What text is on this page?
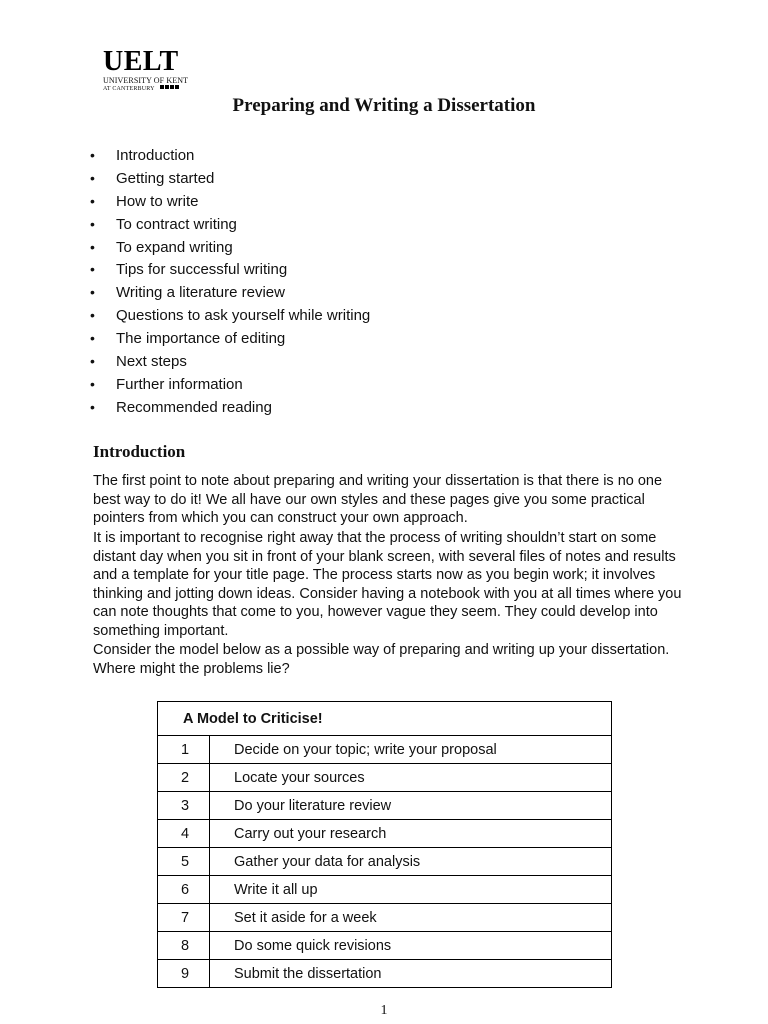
UELT
UNIVERSITY OF KENT
AT CANTERBURY
Preparing and Writing a Dissertation
• Introduction
• Getting started
• How to write
• To contract writing
• To expand writing
• Tips for successful writing
• Writing a literature review
• Questions to ask yourself while writing
• The importance of editing
• Next steps
• Further information
• Recommended reading
Introduction

The first point to note about preparing and writing your dissertation is that there is no one best way to do it! We all have our own styles and these pages give you some practical pointers from which you can construct your own approach.

It is important to recognise right away that the process of writing shouldn’t start on some distant day when you sit in front of your blank screen, with several files of notes and results and a template for your title page. The process starts now as you begin work; it involves thinking and jotting down ideas. Consider having a notebook with you at all times where you can note thoughts that come to you, however vague they seem. They could develop into something important.

Consider the model below as a possible way of preparing and writing up your dissertation. Where might the problems lie?

A Model to Criticise!	
1	Decide on your topic; write your proposal
2	Locate your sources
3	Do your literature review
4	Carry out your research
5	Gather your data for analysis
6	Write it all up
7	Set it aside for a week
8	Do some quick revisions
9	Submit the dissertation
1
